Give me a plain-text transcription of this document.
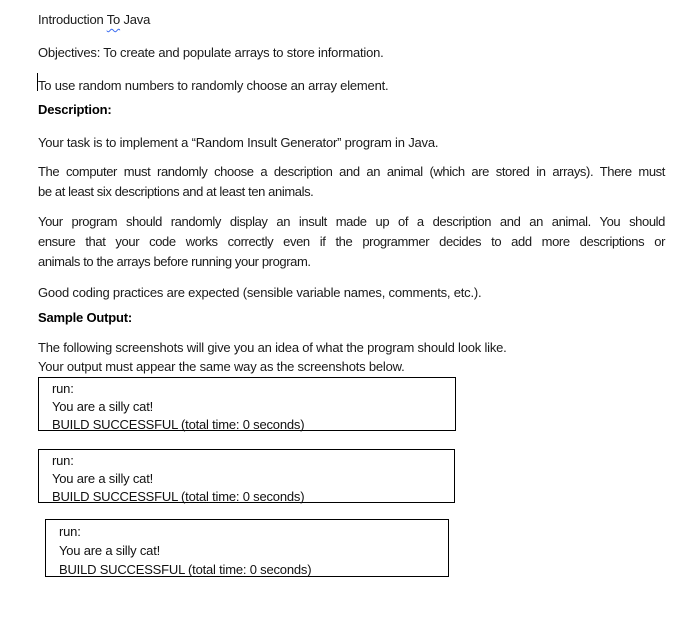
Introduction To Java
Objectives: To create and populate arrays to store information.
To use random numbers to randomly choose an array element.
Description:
Your task is to implement a “Random Insult Generator” program in Java.
The computer must randomly choose a description and an animal (which are stored in arrays). There must
be at least six descriptions and at least ten animals.
Your program should randomly display an insult made up of a description and an animal. You should
ensure that your code works correctly even if the programmer decides to add more descriptions or
animals to the arrays before running your program.
Good coding practices are expected (sensible variable names, comments, etc.).
Sample Output:
The following screenshots will give you an idea of what the program should look like.
Your output must appear the same way as the screenshots below.
run:
You are a silly cat!
BUILD SUCCESSFUL (total time: 0 seconds)
run:
You are a silly cat!
BUILD SUCCESSFUL (total time: 0 seconds)
run:
You are a silly cat!
BUILD SUCCESSFUL (total time: 0 seconds)
